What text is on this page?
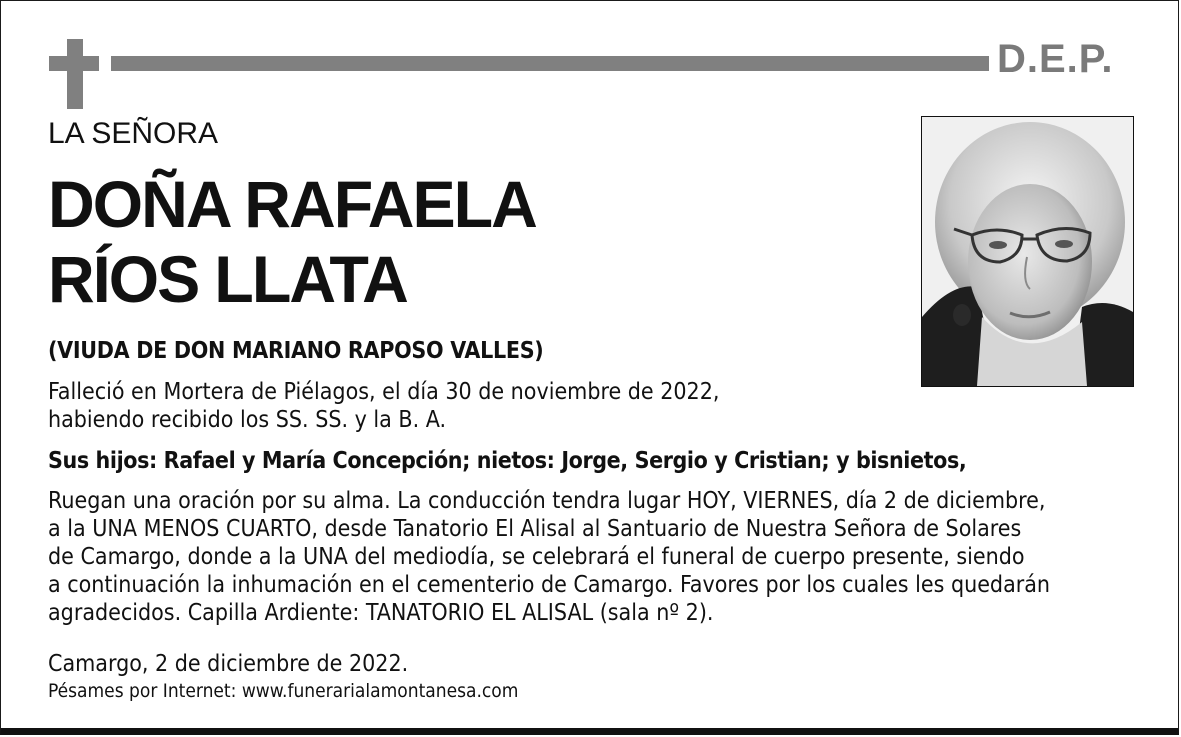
D.E.P.
LA SEÑORA
DOÑA RAFAELA
RÍOS LLATA
(VIUDA DE DON MARIANO RAPOSO VALLES)
Falleció en Mortera de Piélagos, el día 30 de noviembre de 2022,
habiendo recibido los SS. SS. y la B. A.
Sus hijos: Rafael y María Concepción; nietos: Jorge, Sergio y Cristian; y bisnietos,
Ruegan una oración por su alma. La conducción tendra lugar HOY, VIERNES, día 2 de diciembre,
a la UNA MENOS CUARTO, desde Tanatorio El Alisal al Santuario de Nuestra Señora de Solares
de Camargo, donde a la UNA del mediodía, se celebrará el funeral de cuerpo presente, siendo
a continuación la inhumación en el cementerio de Camargo. Favores por los cuales les quedarán
agradecidos. Capilla Ardiente: TANATORIO EL ALISAL (sala nº 2).
Camargo, 2 de diciembre de 2022.
Pésames por Internet: www.funerarialamontanesa.com
